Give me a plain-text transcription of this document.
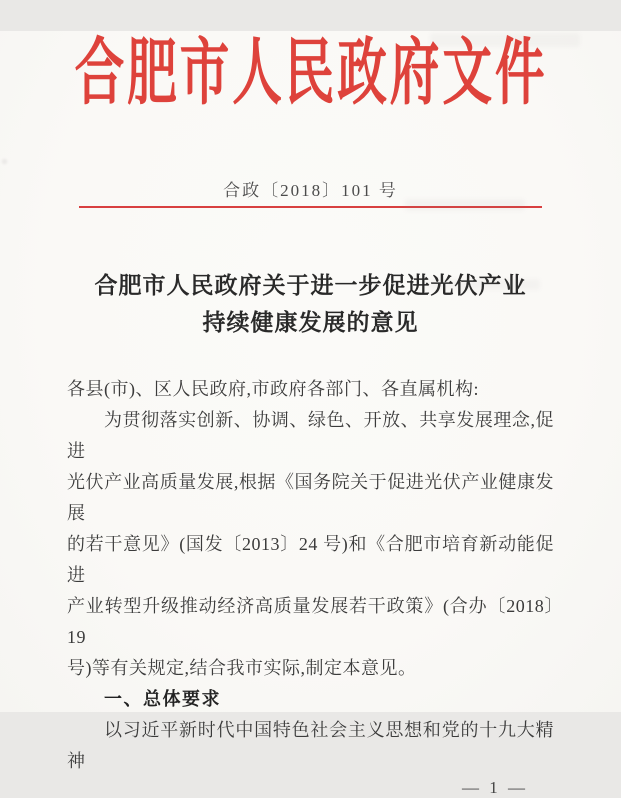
合肥市人民政府文件
合政〔2018〕101 号
合肥市人民政府关于进一步促进光伏产业
持续健康发展的意见
各县(市)、区人民政府,市政府各部门、各直属机构:
为贯彻落实创新、协调、绿色、开放、共享发展理念,促进
光伏产业高质量发展,根据《国务院关于促进光伏产业健康发展
的若干意见》(国发〔2013〕24 号)和《合肥市培育新动能促进
产业转型升级推动经济高质量发展若干政策》(合办〔2018〕19
号)等有关规定,结合我市实际,制定本意见。
一、总体要求
以习近平新时代中国特色社会主义思想和党的十九大精神
— 1 —
